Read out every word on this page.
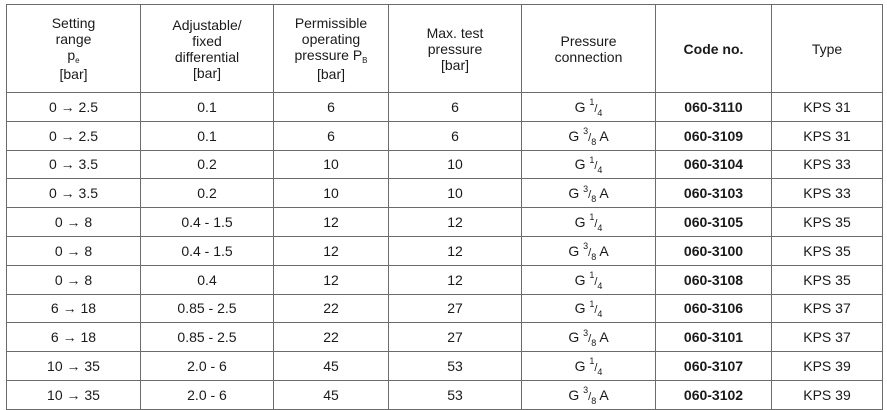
Setting
range
$p_e$
[bar]	Adjustable/
fixed
differential
[bar]	Permissible
operating
pressure $P_B$
[bar]	Max. test
pressure
[bar]	Pressure
connection	Code no.	Type
0 → 2.5	0.1	6	6	G $^1/_4$	060-3110	KPS 31
0 → 2.5	0.1	6	6	G $^3/_8$ A	060-3109	KPS 31
0 → 3.5	0.2	10	10	G $^1/_4$	060-3104	KPS 33
0 → 3.5	0.2	10	10	G $^3/_8$ A	060-3103	KPS 33
0 → 8	0.4 - 1.5	12	12	G $^1/_4$	060-3105	KPS 35
0 → 8	0.4 - 1.5	12	12	G $^3/_8$ A	060-3100	KPS 35
0 → 8	0.4	12	12	G $^1/_4$	060-3108	KPS 35
6 → 18	0.85 - 2.5	22	27	G $^1/_4$	060-3106	KPS 37
6 → 18	0.85 - 2.5	22	27	G $^3/_8$ A	060-3101	KPS 37
10 → 35	2.0 - 6	45	53	G $^1/_4$	060-3107	KPS 39
10 → 35	2.0 - 6	45	53	G $^3/_8$ A	060-3102	KPS 39
